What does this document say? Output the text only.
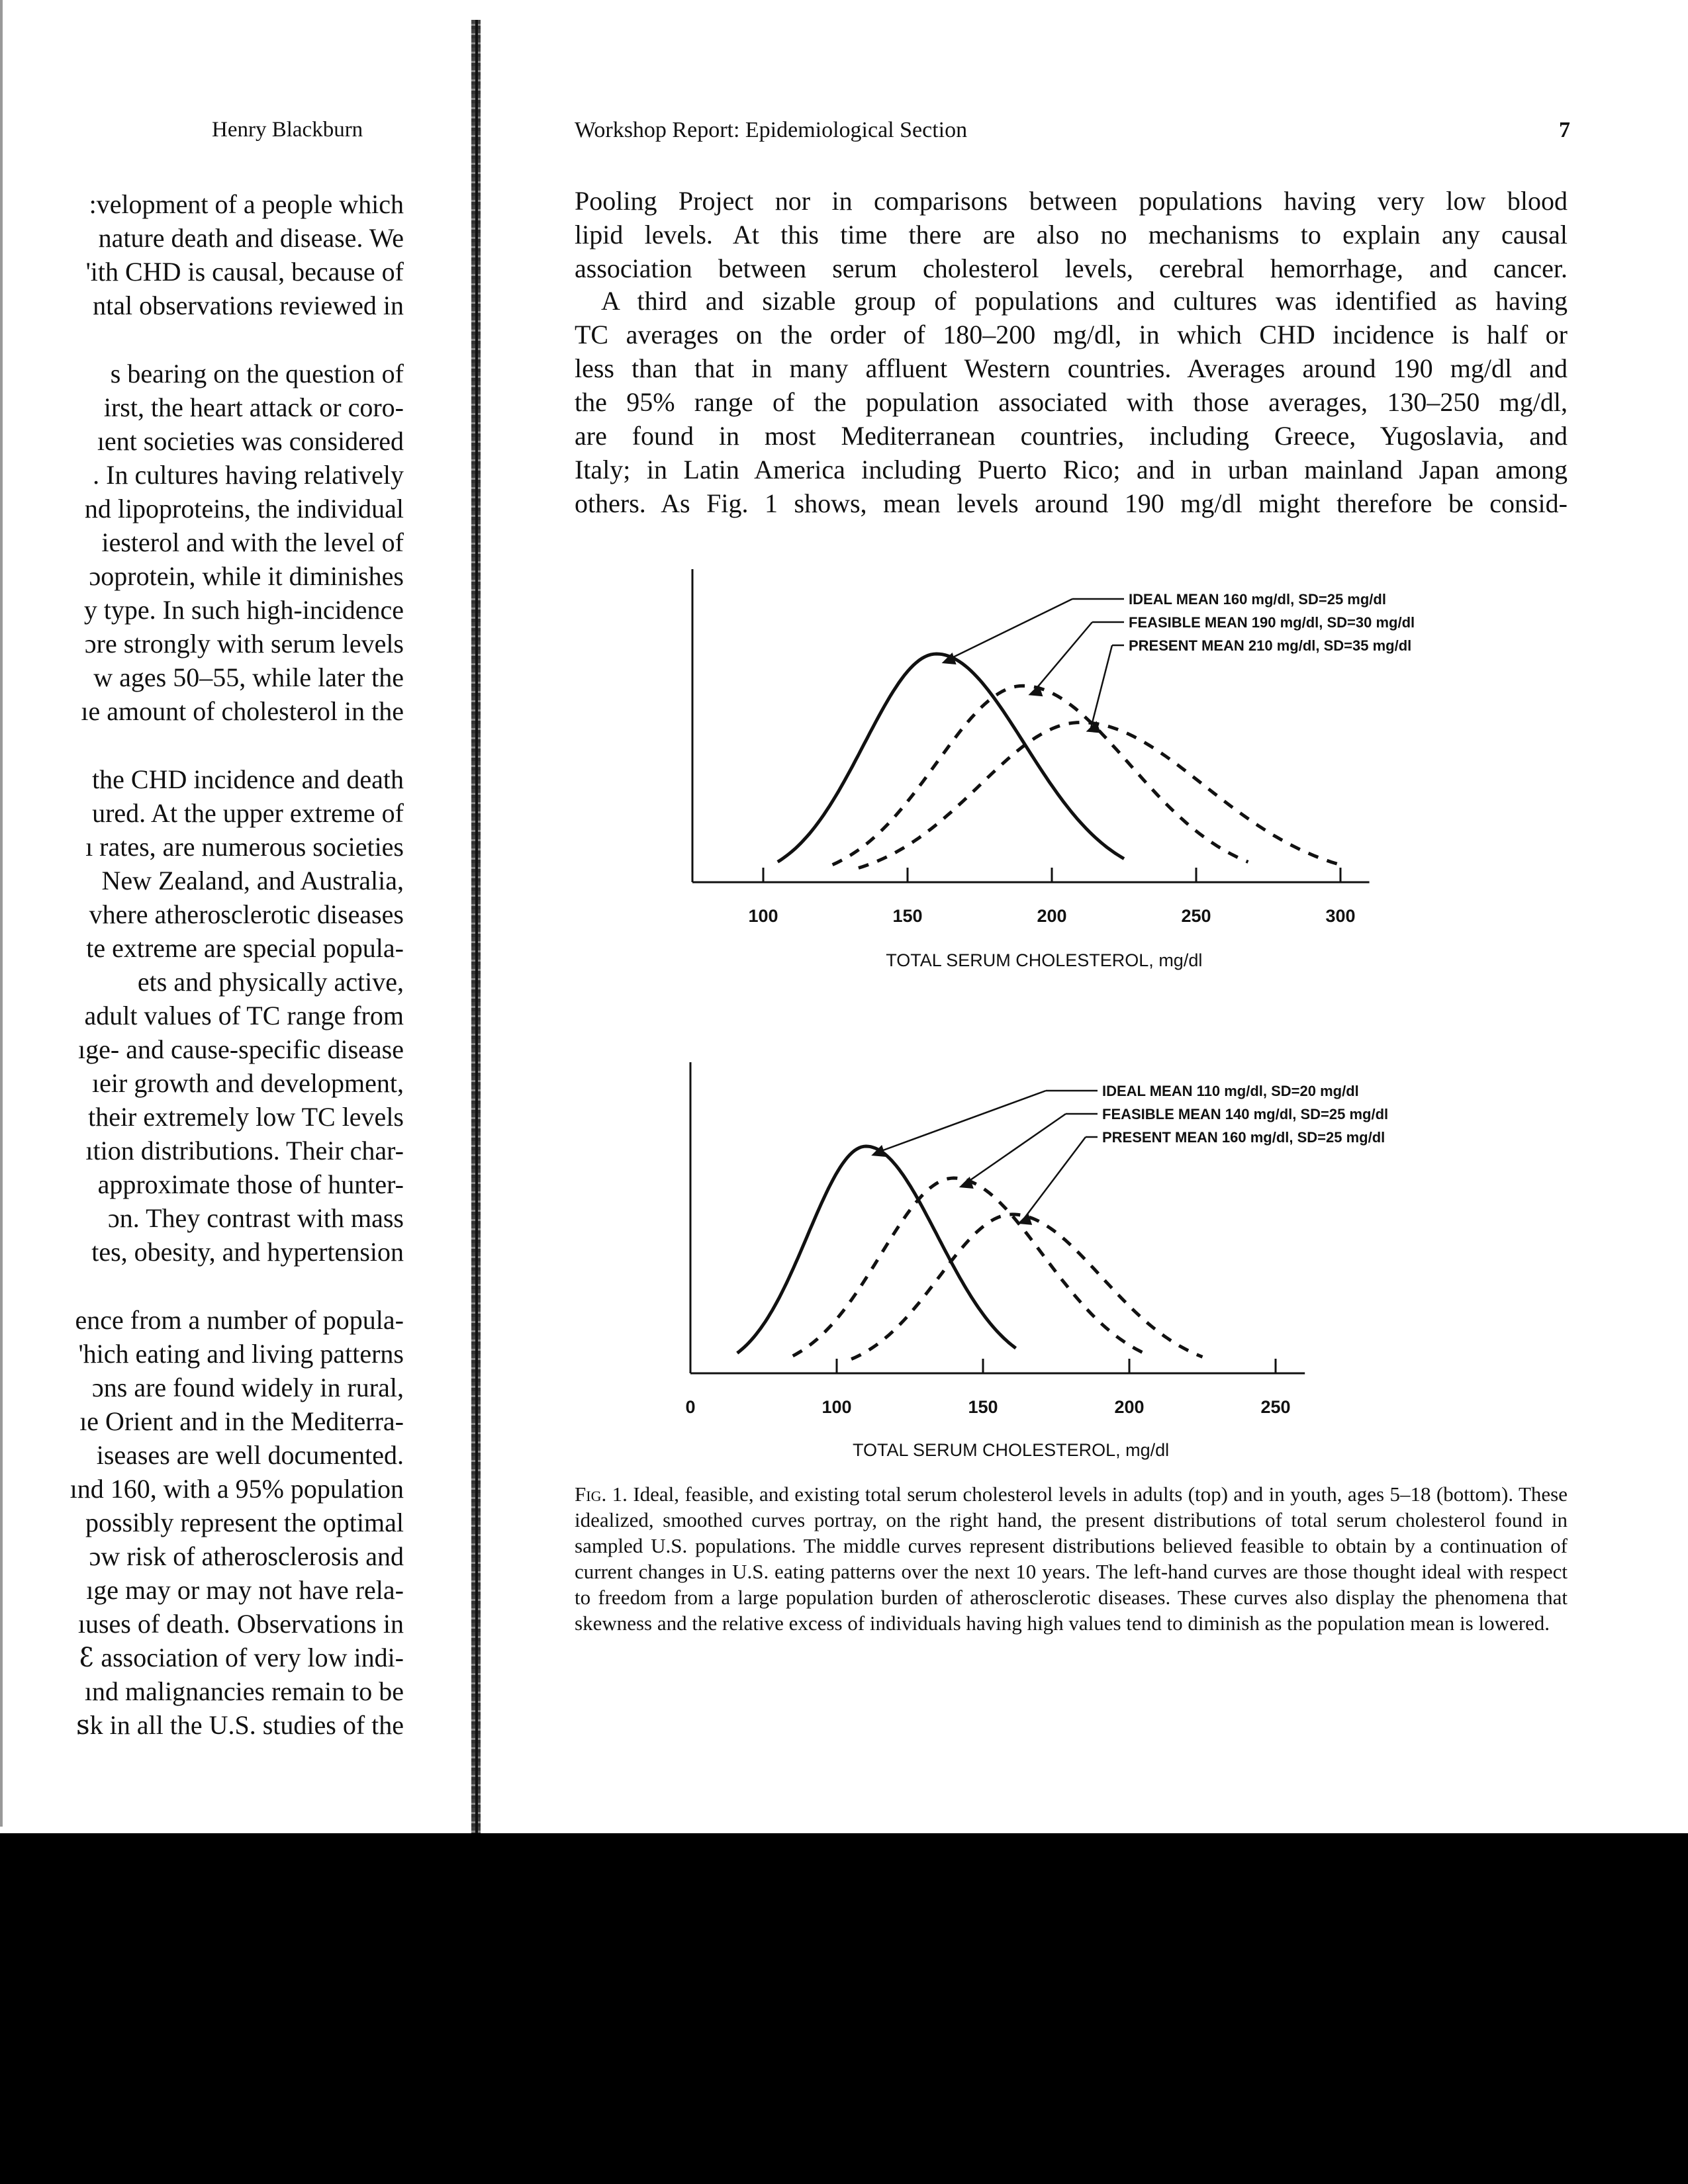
Henry Blackburn
:velopment of a people which
nature death and disease. We
'ith CHD is causal, because of
ntal observations reviewed in
s bearing on the question of
irst, the heart attack or coro-
ıent societies was considered
. In cultures having relatively
nd lipoproteins, the individual
iesterol and with the level of
ɔoprotein, while it diminishes
y type. In such high-incidence
ɔre strongly with serum levels
w ages 50–55, while later the
ıe amount of cholesterol in the
the CHD incidence and death
ured. At the upper extreme of
ı rates, are numerous societies
New Zealand, and Australia,
vhere atherosclerotic diseases
te extreme are special popula-
ets and physically active,
adult values of TC range from
ıge- and cause-specific disease
ıeir growth and development,
their extremely low TC levels
ıtion distributions. Their char-
approximate those of hunter-
ɔn. They contrast with mass
tes, obesity, and hypertension
ence from a number of popula-
'hich eating and living patterns
ɔns are found widely in rural,
ıe Orient and in the Mediterra-
iseases are well documented.
ınd 160, with a 95% population
possibly represent the optimal
ɔw risk of atherosclerosis and
ıge may or may not have rela-
ıuses of death. Observations in
ꜫ association of very low indi-
ınd malignancies remain to be
ꜱk in all the U.S. studies of the
Workshop Report: Epidemiological Section	7
Pooling Project nor in comparisons between populations having very low blood
lipid levels. At this time there are also no mechanisms to explain any causal
association between serum cholesterol levels, cerebral hemorrhage, and cancer.
A third and sizable group of populations and cultures was identified as having
TC averages on the order of 180–200 mg/dl, in which CHD incidence is half or
less than that in many affluent Western countries. Averages around 190 mg/dl and
the 95% range of the population associated with those averages, 130–250 mg/dl,
are found in most Mediterranean countries, including Greece, Yugoslavia, and
Italy; in Latin America including Puerto Rico; and in urban mainland Japan among
others. As Fig. 1 shows, mean levels around 190 mg/dl might therefore be consid-
100	150	200	250	300
TOTAL SERUM CHOLESTEROL, mg/dl
IDEAL MEAN 160 mg/dl, SD=25 mg/dl
FEASIBLE MEAN 190 mg/dl, SD=30 mg/dl
PRESENT MEAN 210 mg/dl, SD=35 mg/dl
0	100	150	200	250
TOTAL SERUM CHOLESTEROL, mg/dl
IDEAL MEAN 110 mg/dl, SD=20 mg/dl
FEASIBLE MEAN 140 mg/dl, SD=25 mg/dl
PRESENT MEAN 160 mg/dl, SD=25 mg/dl
Fig. 1. Ideal, feasible, and existing total serum cholesterol levels in adults (top) and in youth, ages 5–18 (bottom). These idealized, smoothed curves portray, on the right hand, the present distributions of total serum cholesterol found in sampled U.S. populations. The middle curves represent distributions believed feasible to obtain by a continuation of current changes in U.S. eating patterns over the next 10 years. The left-hand curves are those thought ideal with respect to freedom from a large population burden of atherosclerotic diseases. These curves also display the phenomena that skewness and the relative excess of individuals having high values tend to diminish as the population mean is lowered.
